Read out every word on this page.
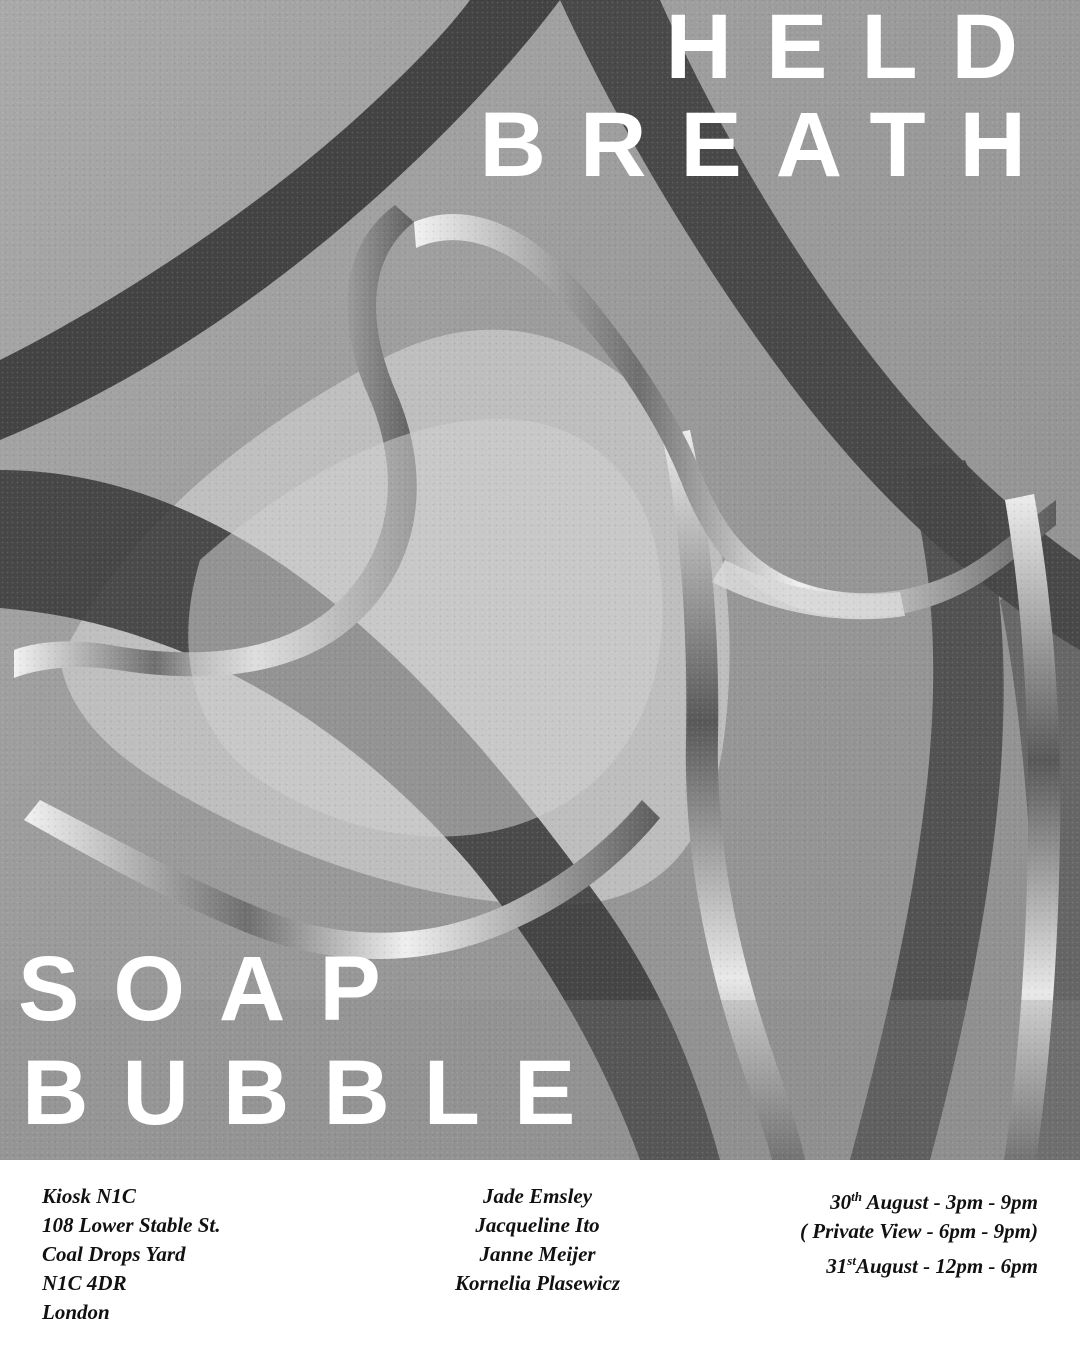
HELD
BREATH
SOAP
BUBBLE
Kiosk N1C
108 Lower Stable St.
Coal Drops Yard
N1C 4DR
London
Jade Emsley
Jacqueline Ito
Janne Meijer
Kornelia Plasewicz
30th August - 3pm - 9pm
( Private View - 6pm - 9pm)
31stAugust - 12pm - 6pm
